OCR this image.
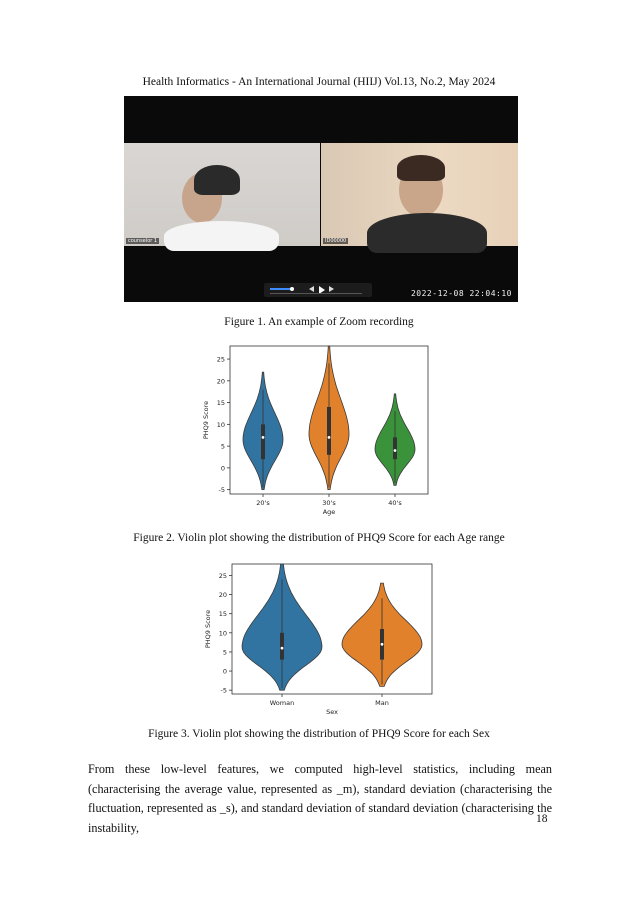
Health Informatics - An International Journal (HIIJ) Vol.13, No.2, May 2024
counselor 1	ID00000
2022-12-08 22:04:10
Figure 1. An example of Zoom recording
-5
0
5
10
15
20
25
PHQ9 Score
Age
20's	30's	40's
Figure 2. Violin plot showing the distribution of PHQ9 Score for each Age range
-5
0
5
10
15
20
25
PHQ9 Score
Sex
Woman	Man
Figure 3. Violin plot showing the distribution of PHQ9 Score for each Sex
From these low-level features, we computed high-level statistics, including mean (characterising the average value, represented as _m), standard deviation (characterising the fluctuation, represented as _s), and standard deviation of standard deviation (characterising the instability,
18
